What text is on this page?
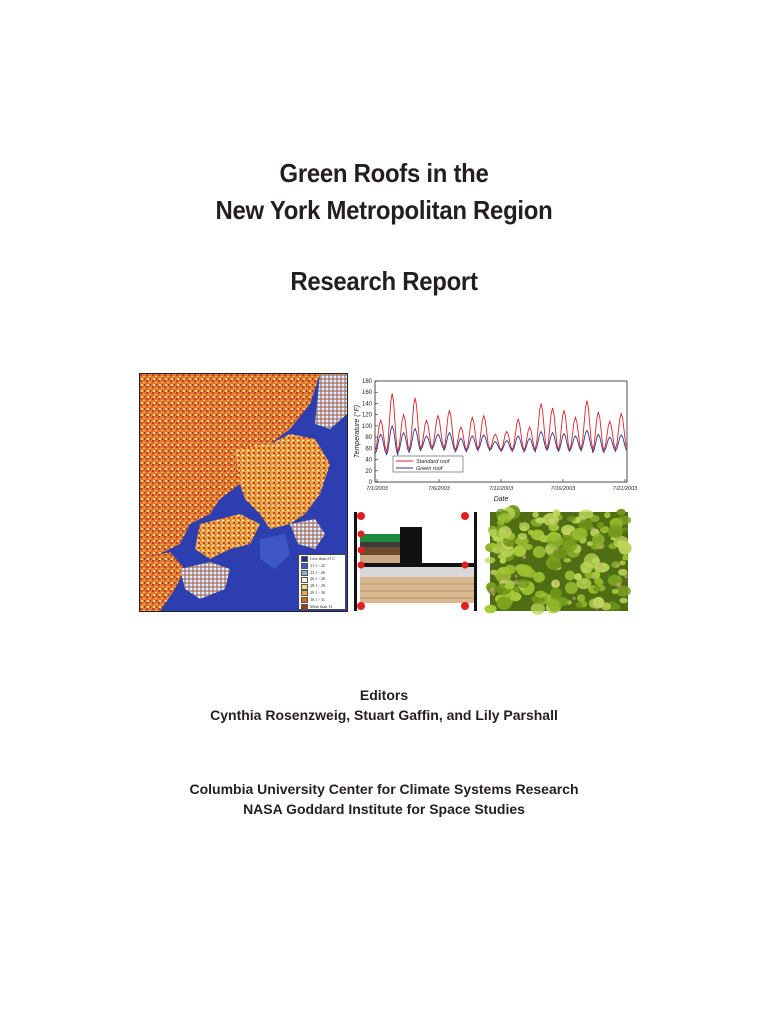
Green Roofs in the
New York Metropolitan Region
Research Report
Less than 21 C
21.1 - 22
22.1 - 26
26.1 - 28
28.1 - 29
29.1 - 30
30.1 - 31
More than 31
0
20
40
60
80
100
120
140
160
180
7/1/2003	7/6/2003	7/11/2003	7/16/2003	7/21/2003
Date
Temperature (°F)
Standard roof
Green roof
Editors
Cynthia Rosenzweig, Stuart Gaffin, and Lily Parshall
Columbia University Center for Climate Systems Research
NASA Goddard Institute for Space Studies
